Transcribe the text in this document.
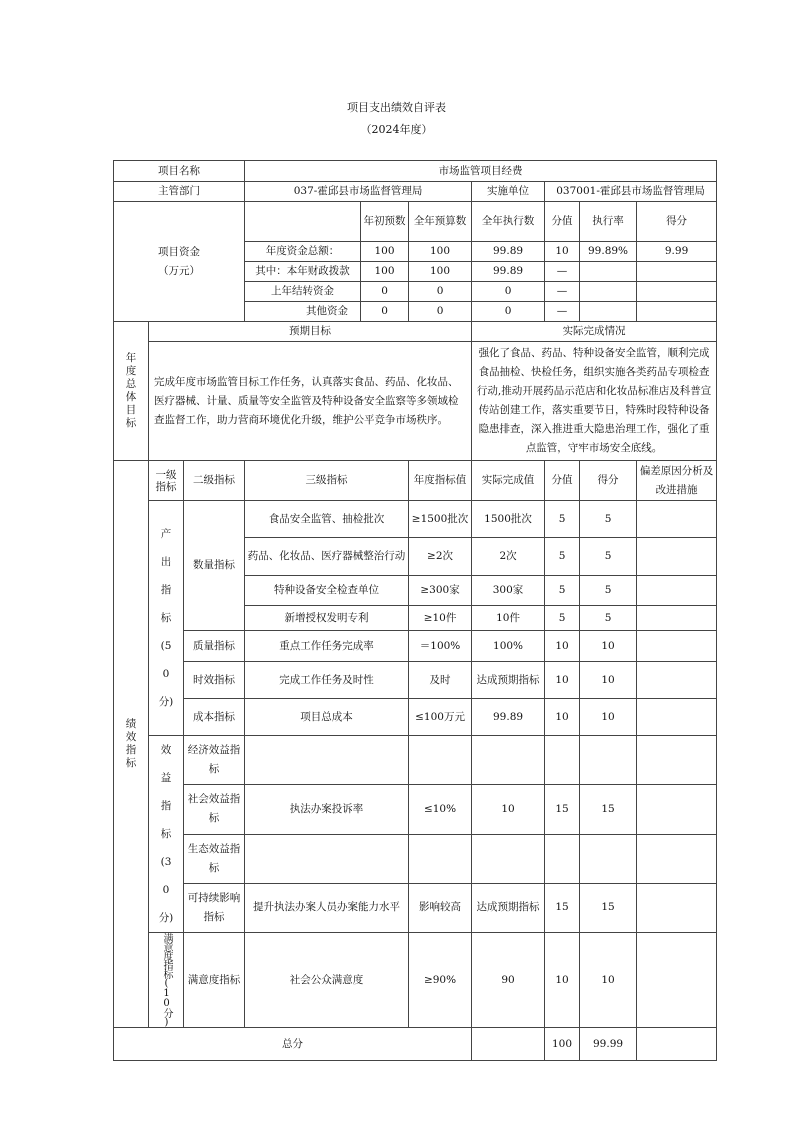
项目支出绩效自评表
（2024年度）
项目名称			市场监管项目经费						
主管部门			037-霍邱县市场监督管理局			实施单位	037001-霍邱县市场监督管理局		

项目资金
（万元）				年初预数	全年预算数	全年执行数	分值	执行率	得分
			年度资金总额：	100	100	99.89	10	99.89%	9.99
			其中：本年财政拨款	100	100	99.89	—		
			上年结转资金	0	0	0	—		
			其他资金	0	0	0	—		
年度总体目标	预期目标					实际完成情况			
	完成年度市场监管目标工作任务，认真落实食品、药品、化妆品、医疗器械、计量、质量等安全监管及特种设备安全监察等多领域检查监督工作，助力营商环境优化升级，维护公平竞争市场秩序。					强化了食品、药品、特种设备安全监管，顺利完成食品抽检、快检任务，组织实施各类药品专项检查行动,推动开展药品示范店和化妆品标准店及科普宣传站创建工作，落实重要节日，特殊时段特种设备隐患排查，深入推进重大隐患治理工作，强化了重点监管，守牢市场安全底线。			
绩效指标	一级指标	二级指标	三级指标		年度指标值	实际完成值	分值	得分	偏差原因分析及改进措施
	产出指标(50分)	数量指标	食品安全监管、抽检批次		≥1500批次	1500批次	5	5	
			药品、化妆品、医疗器械整治行动		≥2次	2次	5	5	
			特种设备安全检查单位		≥300家	300家	5	5	
			新增授权发明专利		≥10件	10件	5	5	
		质量指标	重点工作任务完成率		＝100%	100%	10	10	
		时效指标	完成工作任务及时性		及时	达成预期指标	10	10	
		成本指标	项目总成本		≤100万元	99.89	10	10	
	效益指标(30分)	经济效益指标							
		社会效益指标	执法办案投诉率		≤10%	10	15	15	
		生态效益指标							
		可持续影响指标	提升执法办案人员办案能力水平		影响较高	达成预期指标	15	15	
	满意度指标(10分)	满意度指标	社会公众满意度		≥90%	90	10	10	
总分							100	99.99	
